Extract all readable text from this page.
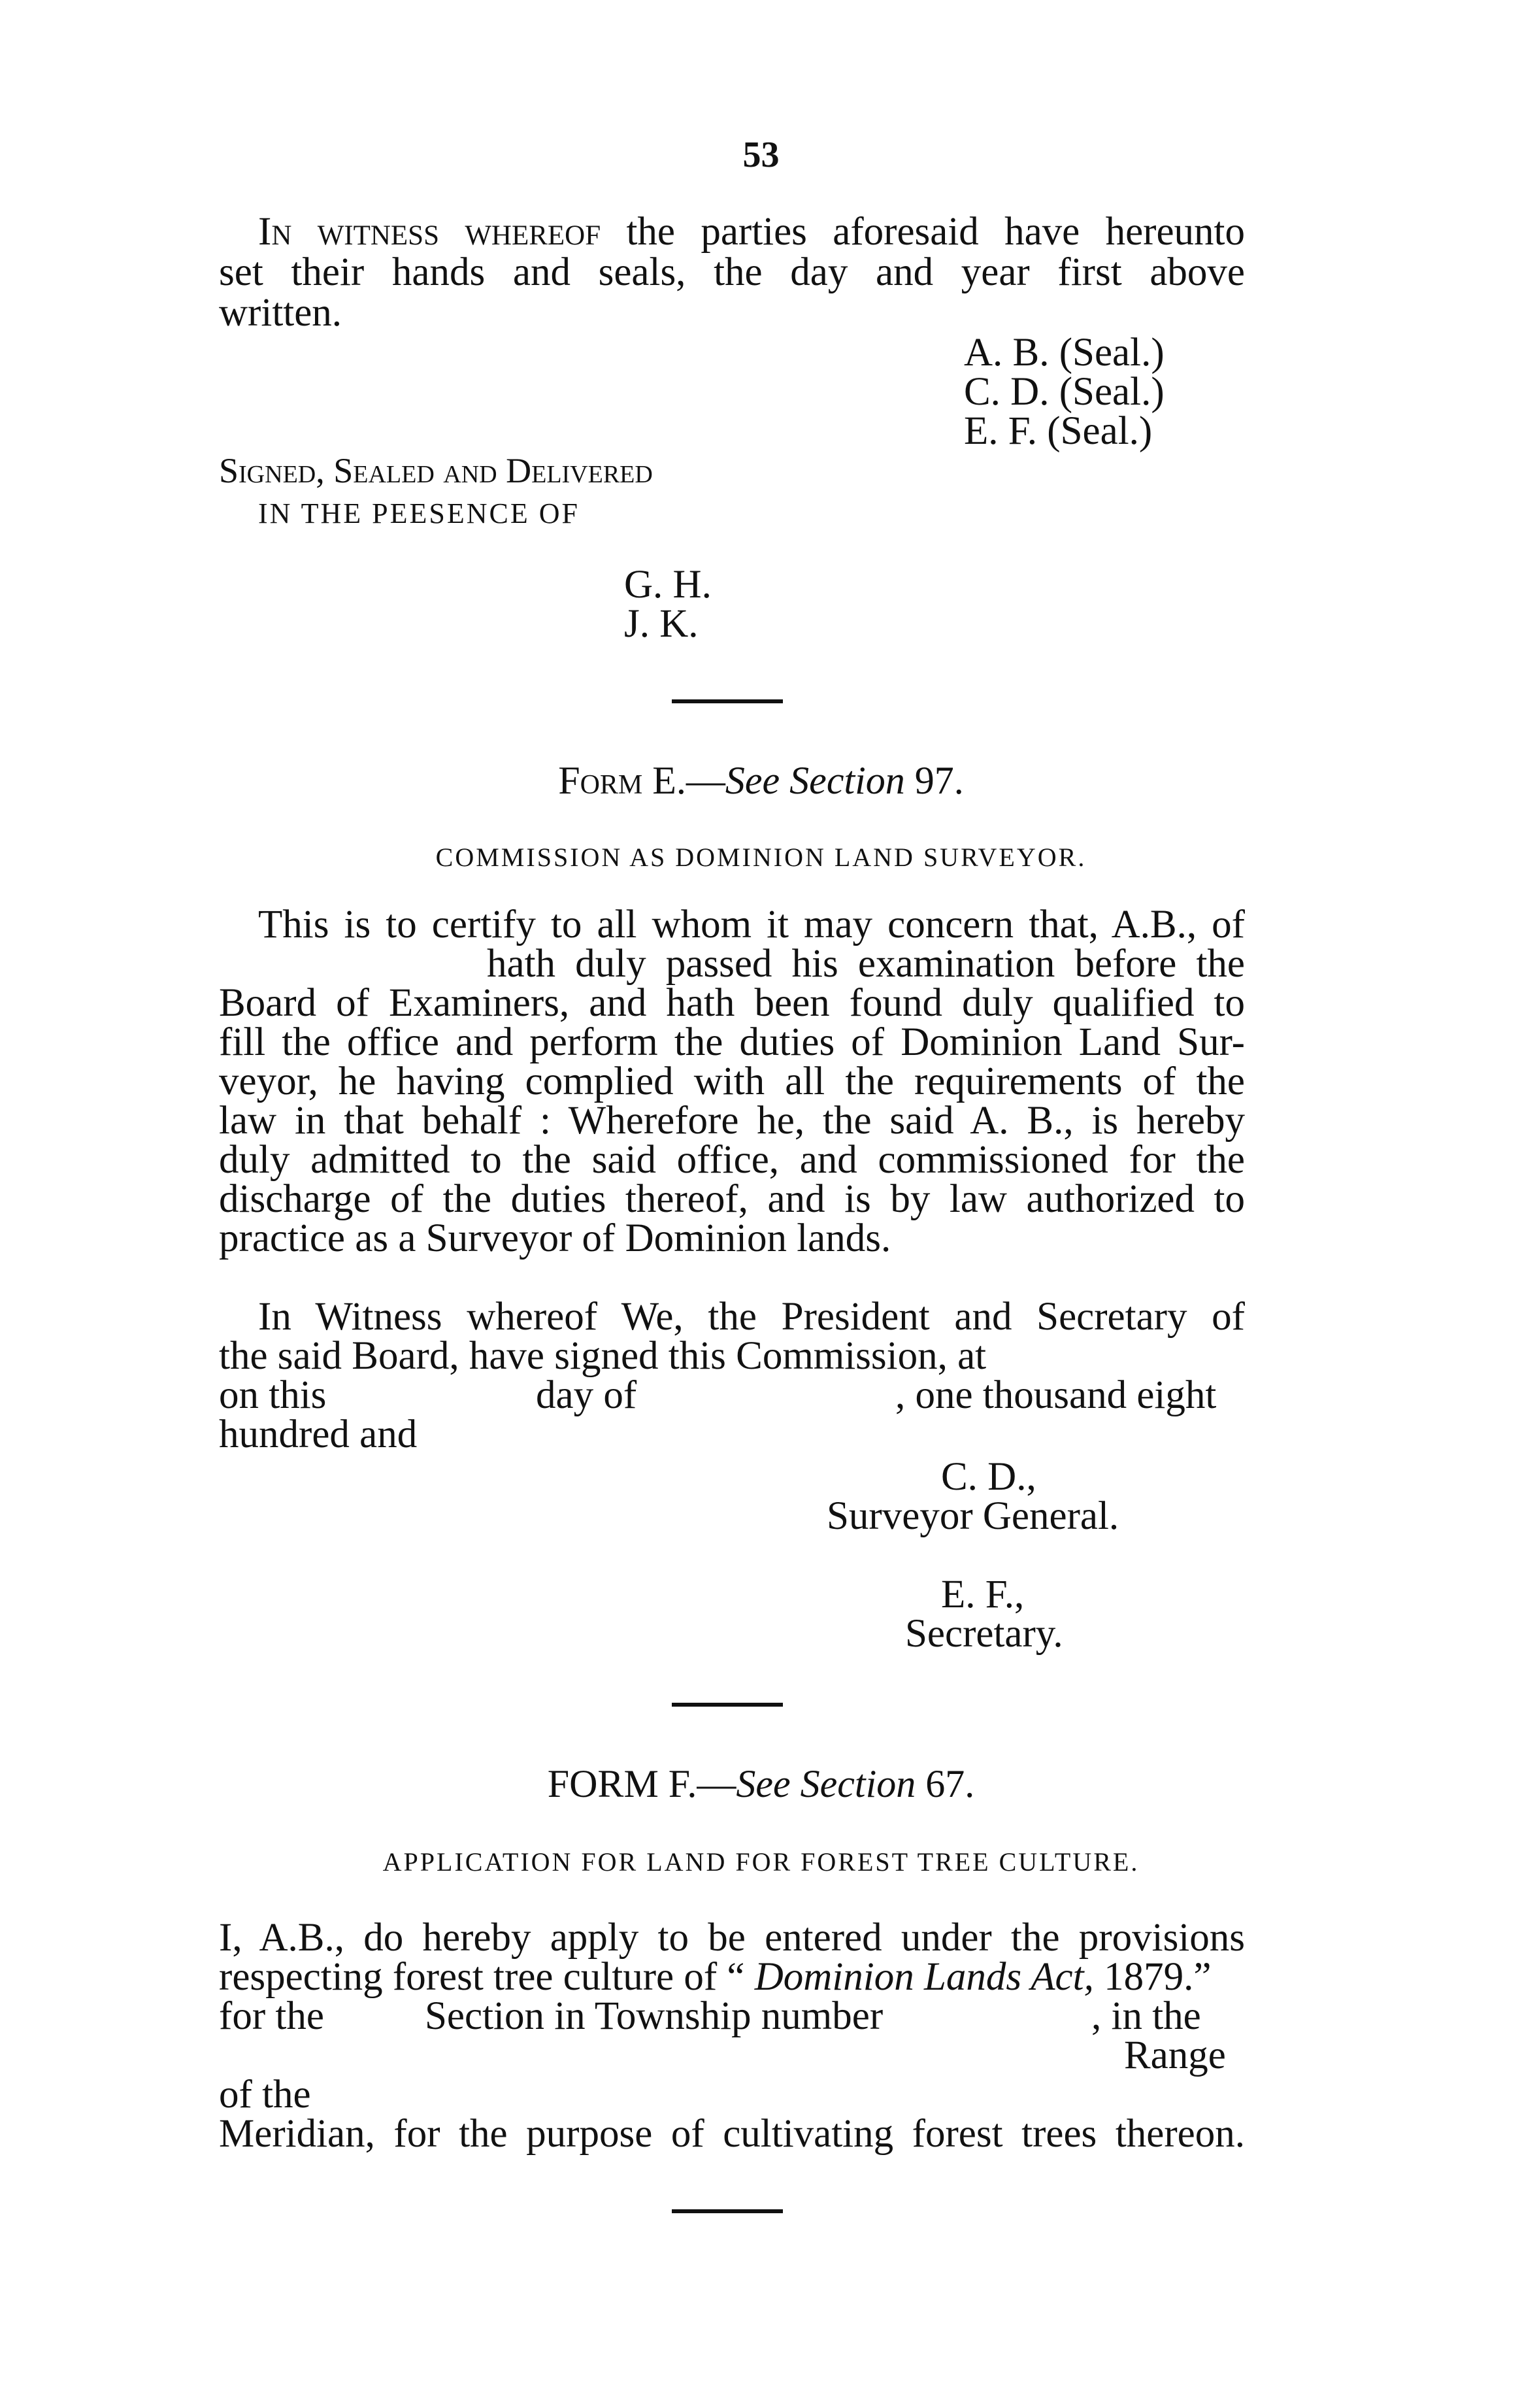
53
In witness whereof the parties aforesaid have hereunto
set their hands and seals, the day and year first above
written.
A. B. (Seal.)
C. D. (Seal.)
E. F. (Seal.)
Signed, Sealed and Delivered
IN THE PEESENCE OF
G. H.
J. K.
Form E.—See Section 97.
COMMISSION AS DOMINION LAND SURVEYOR.
This is to certify to all whom it may concern that, A.B., of
hath duly passed his examination before the
Board of Examiners, and hath been found duly qualified to
fill the office and perform the duties of Dominion Land Sur-
veyor, he having complied with all the requirements of the
law in that behalf : Wherefore he, the said A. B., is hereby
duly admitted to the said office, and commissioned for the
discharge of the duties thereof, and is by law authorized to
practice as a Surveyor of Dominion lands.
In Witness whereof We, the President and Secretary of
the said Board, have signed this Commission, at
on this	day of	, one thousand eight
hundred and
C. D.,
Surveyor General.
E. F.,
Secretary.
FORM F.—See Section 67.
APPLICATION FOR LAND FOR FOREST TREE CULTURE.
I, A.B., do hereby apply to be entered under the provisions
respecting forest tree culture of “ Dominion Lands Act, 1879.”
for the	Section in Township number	, in the
Range
of the
Meridian, for the purpose of cultivating forest trees thereon.
